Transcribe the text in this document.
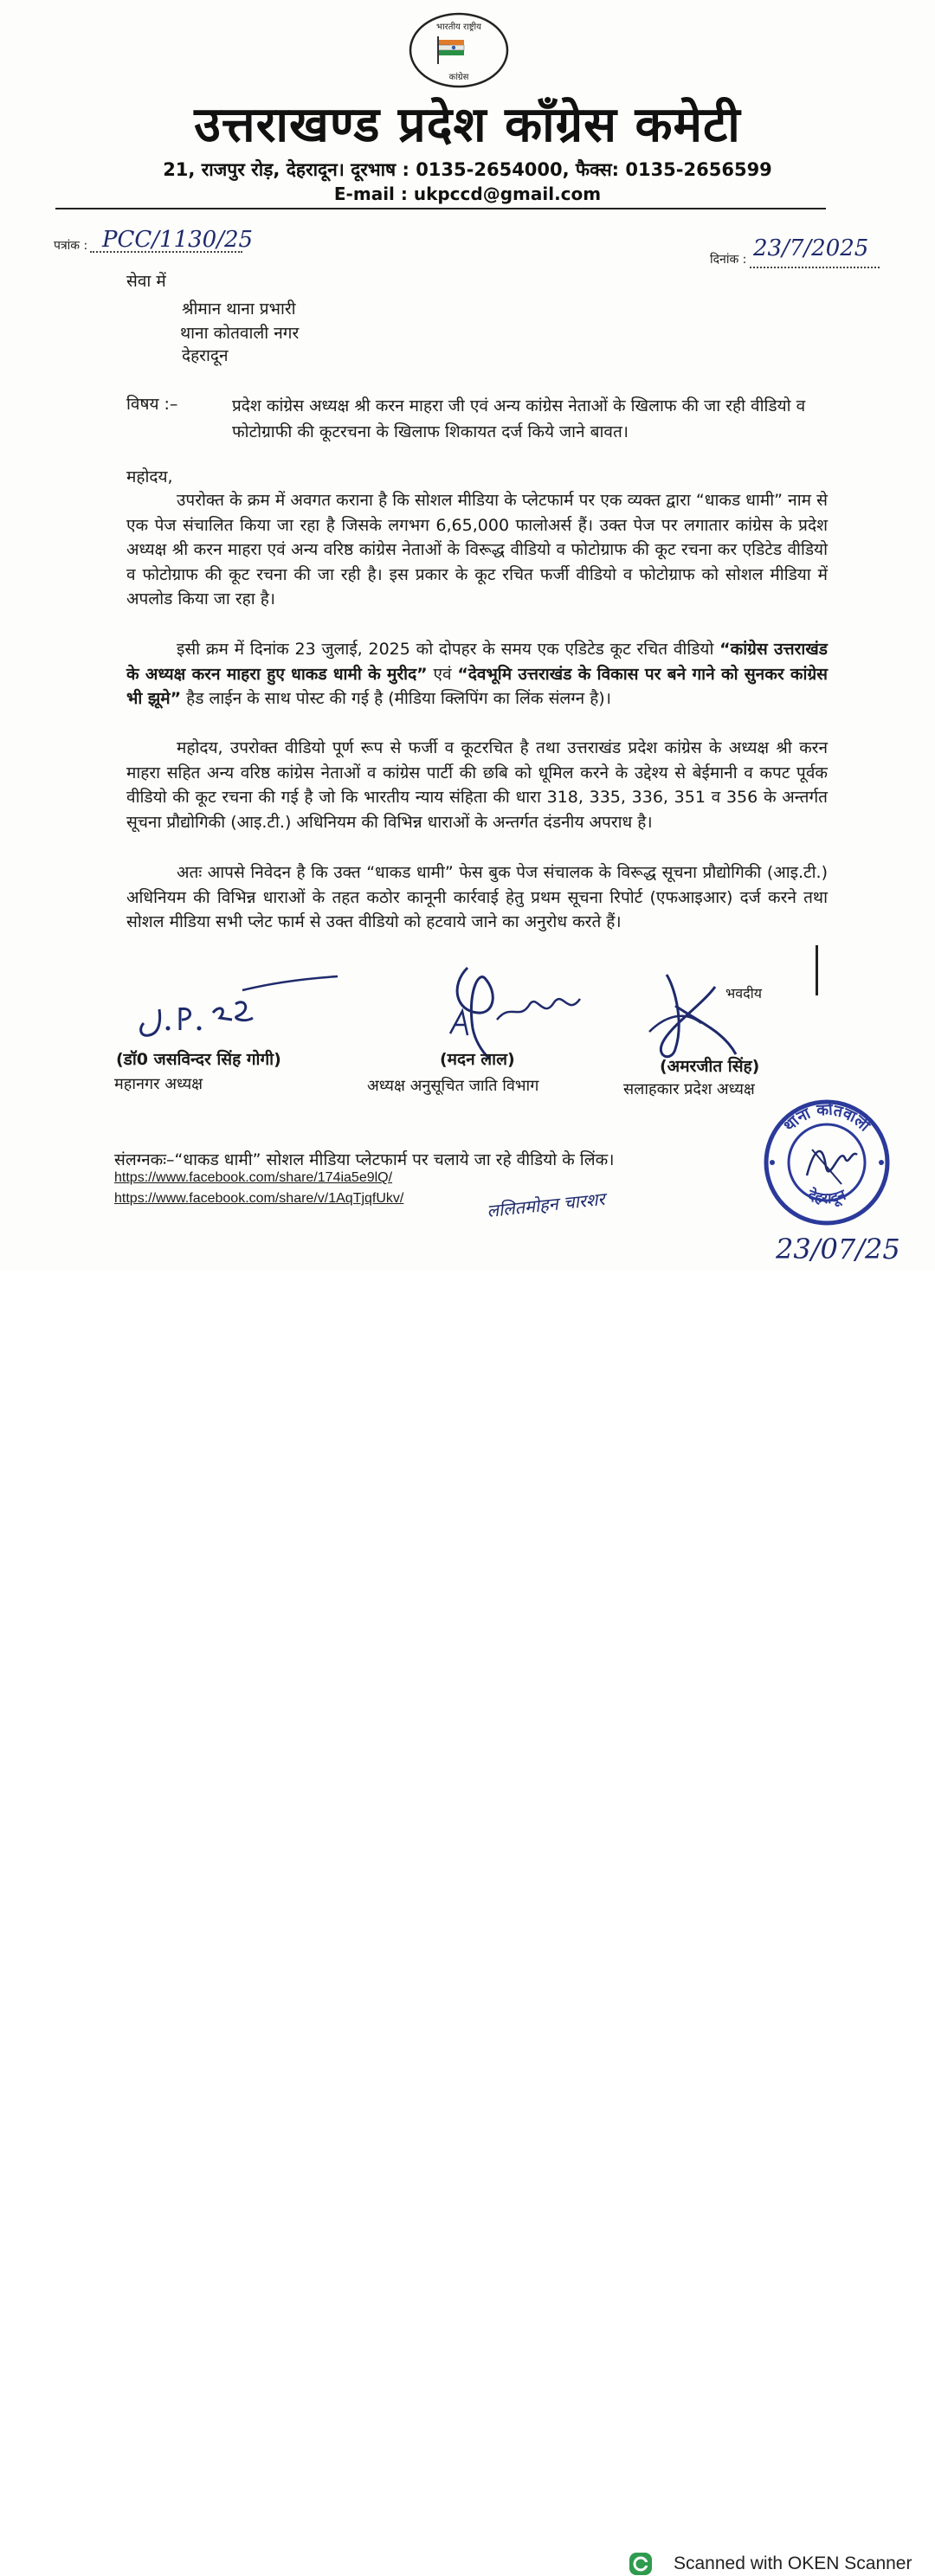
भारतीय राष्ट्रीय
कांग्रेस
उत्तराखण्ड प्रदेश कॉंग्रेस कमेटी
21, राजपुर रोड़, देहरादून। दूरभाष : 0135-2654000, फैक्स: 0135-2656599
E-mail : ukpccd@gmail.com
पत्रांक : PCC/1130/25
दिनांक : 23/7/2025
सेवा में
श्रीमान थाना प्रभारी
थाना कोतवाली नगर
देहरादून
विषय :–	प्रदेश कांग्रेस अध्यक्ष श्री करन माहरा जी एवं अन्य कांग्रेस नेताओं के खिलाफ की जा रही वीडियो व फोटोग्राफी की कूटरचना के खिलाफ शिकायत दर्ज किये जाने बावत।
महोदय,
उपरोक्त के क्रम में अवगत कराना है कि सोशल मीडिया के प्लेटफार्म पर एक व्यक्त द्वारा “धाकड धामी” नाम से एक पेज संचालित किया जा रहा है जिसके लगभग 6,65,000 फालोअर्स हैं। उक्त पेज पर लगातार कांग्रेस के प्रदेश अध्यक्ष श्री करन माहरा एवं अन्य वरिष्ठ कांग्रेस नेताओं के विरूद्ध वीडियो व फोटोग्राफ की कूट रचना कर एडिटेड वीडियो व फोटोग्राफ की कूट रचना की जा रही है। इस प्रकार के कूट रचित फर्जी वीडियो व फोटोग्राफ को सोशल मीडिया में अपलोड किया जा रहा है।
इसी क्रम में दिनांक 23 जुलाई, 2025 को दोपहर के समय एक एडिटेड कूट रचित वीडियो “कांग्रेस उत्तराखंड के अध्यक्ष करन माहरा हुए धाकड धामी के मुरीद” एवं “देवभूमि उत्तराखंड के विकास पर बने गाने को सुनकर कांग्रेस भी झूमे” हैड लाईन के साथ पोस्ट की गई है (मीडिया क्लिपिंग का लिंक संलग्न है)।
महोदय, उपरोक्त वीडियो पूर्ण रूप से फर्जी व कूटरचित है तथा उत्तराखंड प्रदेश कांग्रेस के अध्यक्ष श्री करन माहरा सहित अन्य वरिष्ठ कांग्रेस नेताओं व कांग्रेस पार्टी की छबि को धूमिल करने के उद्देश्य से बेईमानी व कपट पूर्वक वीडियो की कूट रचना की गई है जो कि भारतीय न्याय संहिता की धारा 318, 335, 336, 351 व 356 के अन्तर्गत सूचना प्रौद्योगिकी (आइ.टी.) अधिनियम की विभिन्न धाराओं के अन्तर्गत दंडनीय अपराध है।
अतः आपसे निवेदन है कि उक्त “धाकड धामी” फेस बुक पेज संचालक के विरूद्ध सूचना प्रौद्योगिकी (आइ.टी.) अधिनियम की विभिन्न धाराओं के तहत कठोर कानूनी कार्रवाई हेतु प्रथम सूचना रिपोर्ट (एफआइआर) दर्ज करने तथा सोशल मीडिया सभी प्लेट फार्म से उक्त वीडियो को हटवाये जाने का अनुरोध करते हैं।
भवदीय
(डॉ0 जसविन्दर सिंह गोगी)
महानगर अध्यक्ष
(मदन लाल)
अध्यक्ष अनुसूचित जाति विभाग
(अमरजीत सिंह)
सलाहकार प्रदेश अध्यक्ष
संलग्नकः–“धाकड धामी” सोशल मीडिया प्लेटफार्म पर चलाये जा रहे वीडियो के लिंक।
https://www.facebook.com/share/174ia5e9lQ/
https://www.facebook.com/share/v/1AqTjqfUkv/	ललितमोहन चारशर
थाना कोतवाली
देहरादून
23/07/25
Scanned with OKEN Scanner
